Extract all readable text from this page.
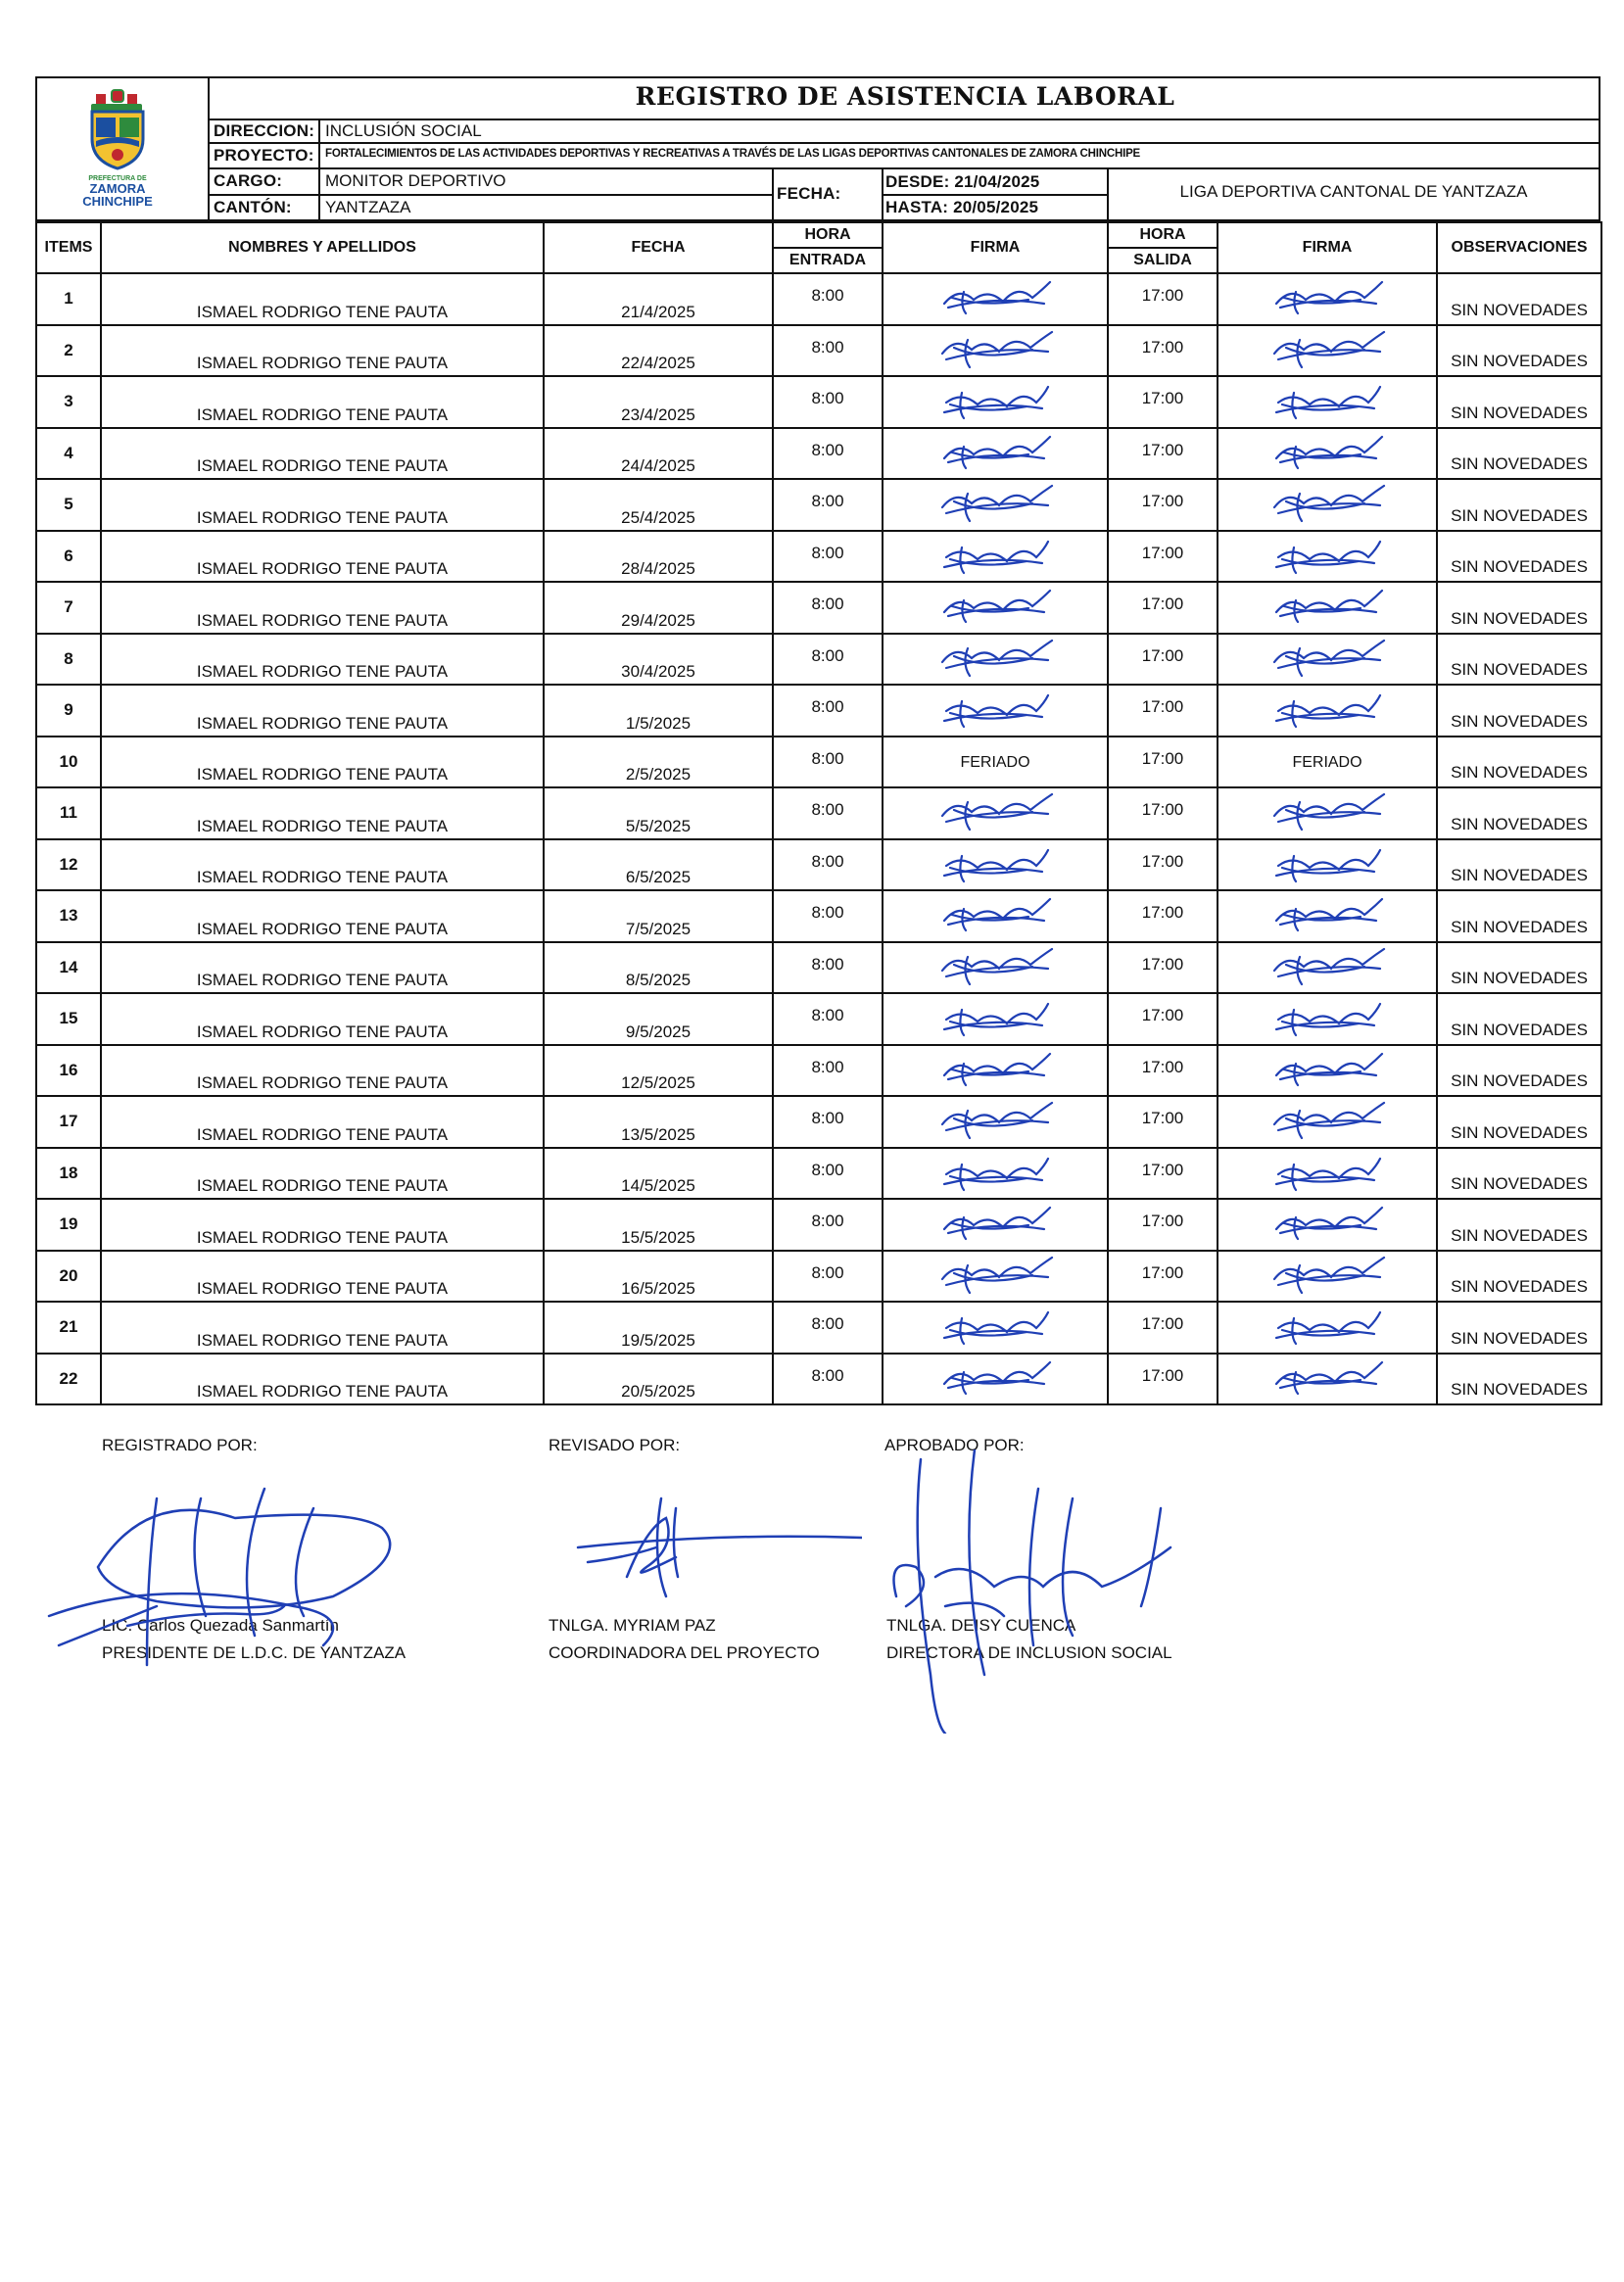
PREFECTURA DE
ZAMORA
CHINCHIPE
REGISTRO DE ASISTENCIA LABORAL
DIRECCION: INCLUSIÓN SOCIAL
PROYECTO: FORTALECIMIENTOS DE LAS ACTIVIDADES DEPORTIVAS Y RECREATIVAS A TRAVÉS DE LAS LIGAS DEPORTIVAS CANTONALES DE ZAMORA CHINCHIPE
CARGO:	MONITOR DEPORTIVO
CANTÓN: YANTZAZA
FECHA:
DESDE: 21/04/2025
HASTA: 20/05/2025
LIGA DEPORTIVA CANTONAL DE YANTZAZA
ITEMS	NOMBRES Y APELLIDOS	FECHA	HORA	FIRMA	HORA	FIRMA	OBSERVACIONES
			ENTRADA		SALIDA		
1	ISMAEL RODRIGO TENE PAUTA	21/4/2025	8:00		17:00		SIN NOVEDADES
2	ISMAEL RODRIGO TENE PAUTA	22/4/2025	8:00		17:00		SIN NOVEDADES
3	ISMAEL RODRIGO TENE PAUTA	23/4/2025	8:00		17:00		SIN NOVEDADES
4	ISMAEL RODRIGO TENE PAUTA	24/4/2025	8:00		17:00		SIN NOVEDADES
5	ISMAEL RODRIGO TENE PAUTA	25/4/2025	8:00		17:00		SIN NOVEDADES
6	ISMAEL RODRIGO TENE PAUTA	28/4/2025	8:00		17:00		SIN NOVEDADES
7	ISMAEL RODRIGO TENE PAUTA	29/4/2025	8:00		17:00		SIN NOVEDADES
8	ISMAEL RODRIGO TENE PAUTA	30/4/2025	8:00		17:00		SIN NOVEDADES
9	ISMAEL RODRIGO TENE PAUTA	1/5/2025	8:00		17:00		SIN NOVEDADES
10	ISMAEL RODRIGO TENE PAUTA	2/5/2025	8:00	FERIADO	17:00	FERIADO	SIN NOVEDADES
11	ISMAEL RODRIGO TENE PAUTA	5/5/2025	8:00		17:00		SIN NOVEDADES
12	ISMAEL RODRIGO TENE PAUTA	6/5/2025	8:00		17:00		SIN NOVEDADES
13	ISMAEL RODRIGO TENE PAUTA	7/5/2025	8:00		17:00		SIN NOVEDADES
14	ISMAEL RODRIGO TENE PAUTA	8/5/2025	8:00		17:00		SIN NOVEDADES
15	ISMAEL RODRIGO TENE PAUTA	9/5/2025	8:00		17:00		SIN NOVEDADES
16	ISMAEL RODRIGO TENE PAUTA	12/5/2025	8:00		17:00		SIN NOVEDADES
17	ISMAEL RODRIGO TENE PAUTA	13/5/2025	8:00		17:00		SIN NOVEDADES
18	ISMAEL RODRIGO TENE PAUTA	14/5/2025	8:00		17:00		SIN NOVEDADES
19	ISMAEL RODRIGO TENE PAUTA	15/5/2025	8:00		17:00		SIN NOVEDADES
20	ISMAEL RODRIGO TENE PAUTA	16/5/2025	8:00		17:00		SIN NOVEDADES
21	ISMAEL RODRIGO TENE PAUTA	19/5/2025	8:00		17:00		SIN NOVEDADES
22	ISMAEL RODRIGO TENE PAUTA	20/5/2025	8:00		17:00		SIN NOVEDADES
REGISTRADO POR:	REVISADO POR:	APROBADO POR:
LIC. Carlos Quezada Sanmartín
PRESIDENTE DE L.D.C. DE YANTZAZA
TNLGA. MYRIAM PAZ
COORDINADORA DEL PROYECTO
TNLGA. DEISY CUENCA
DIRECTORA DE INCLUSION SOCIAL
